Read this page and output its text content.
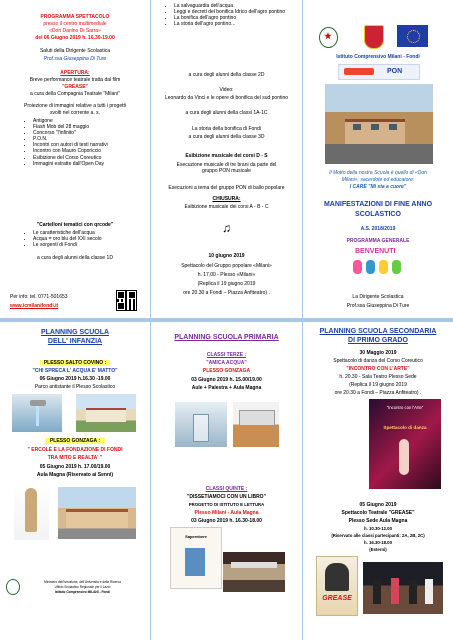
PROGRAMMA SPETTACOLO
presso il centro multimediale
«Don Danino Di Sarra»
del 06 Giugno 2019 h. 16.30-19.00
Saluti della Dirigente Scolastica
Prof.ssa Giuseppina Di Ture
APERTURA:
Breve performance teatrale tratta dal film
"GREASE"
a cura della Compagnia Teatrale "Milani"
Proiezione di immagini relative a tutti i progetti
svolti nel corrente a. s.
• Antigone
• Flash Mob del 28 maggio
• Concorso "l'infinito"
• P.O.N.
• Incontri con autori di testi narrativi
• Incontro con Mauro Coporiccio
• Esibizione del Corso Coreutico
• Immagini estratte dall'Open Day
"Cartelloni tematici con qrcode"
• Le caratteristiche dell'acqua
• Acqua = oro blu del XXI secolo
• Le sorgenti di Fondi
a cura degli alunni della classe 1D
Per info: tel. 0771-501653
www.icmilanifondi.it
• La salvaguardia dell'acqua
• Leggi e decreti del bonifica Idrico dell'agro pontino
• La bonifica dell'agro pontino
• La storia dell'agro pontino...
a cura degli alunni della classe 2D
Video:
Leonardo da Vinci e le opere di bonifica del sud pontino
a cura degli alunni della classi 1A-1C
La storia della bonifica di Fondi
a cura degli alunni della classe 3D
Esibizione musicale dei corsi D - S
Esecuzione musicale di tre brani da parte del gruppo PON musicale
Esecuzioni a tema del gruppo PON di ballo popolare
CHIUSURA:
Esibizione musicale dei corsi A - B - C
♫
10 giugno 2019
Spettacolo del Gruppo popolare «Milani»
h. 17,00 - Plesso «Milani»
(Replica il 19 giugno 2019
ore 20.30 a Fondi – Piazza Anfiteatro) .
Istituto Comprensivo Milani - Fondi
PON
Il Motto della nostra Scuola è quello di «Don
Milani», sacerdote ed educatore:
I CARE "Mi sta a cuore"
MANIFESTAZIONI DI FINE ANNO
SCOLASTICO
A.S. 2018/2019
PROGRAMMA GENERALE
BENVENUTI
La Dirigente Scolastica
Prof.ssa Giuseppina Di Ture
PLANNING SCUOLA
DELL' INFANZIA
PLESSO SALTO COVINO :
"CHI SPRECA L' ACQUA E' MATTO"
06 Giugno 2019 h.16.30 -19.00
Parco antistante il Plesso Scolastico
PLESSO GONZAGA :
" ERCOLE E LA FONDAZIONE DI FONDI
TRA MITO E REALTA' "
05 Giugno 2019 h. 17.00/19.00
Aula Magna (Riservato ai Senni)
Ministero dell'Istruzione, dell'Università e della Ricerca
Ufficio Scolastico Regionale per il Lazio
Istituto Comprensivo MILANI - Fondi
PLANNING SCUOLA PRIMARIA
CLASSI TERZE :
"AMICA ACQUA"
PLESSO GONZAGA
03 Giugno 2019 h. 15.00/19.00
Aule + Palestra + Aula Magna
CLASSI QUINTE :
"DISSETIAMOCI CON UN LIBRO"
PROGETTO DI ISTITUTO E LETTURA
Plesso Milani - Aula Magna
03 Giugno 2019 h. 16.30-18.00
Saperebere
PLANNING SCUOLA SECONDARIA
DI PRIMO GRADO
30 Maggio 2019
Spettacolo di danza del Corso Coreutico
"INCONTRO CON L'ARTE"
h. 20.30 - Sala Teatro Plesso Sede
(Replica il 19 giugno 2019
ore 20.30 a Fondi – Piazza Anfiteatro) .
"Incontro con l'Arte"
Spettacolo di danza
05 Giugno 2019
Spettacolo Teatrale "GREASE"
Plesso Sede Aula Magna
h. 10.30-12.00
(Riservato alle classi partecipanti: 2A, 2B, 2C)
h. 16.30-18.00
(Esterni)
GREASE
